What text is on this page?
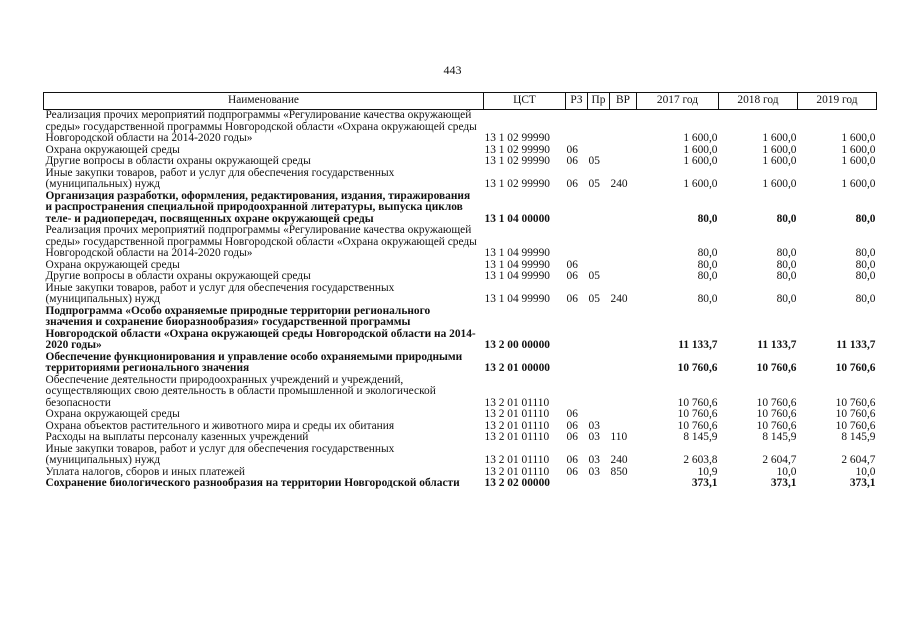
443
Наименование	ЦСТ	РЗ	Пр	ВР	2017 год	2018 год	2019 год
Реализация прочих мероприятий подпрограммы «Регулирование качества окружающей среды» государственной программы Новгородской области «Охрана окружающей среды Новгородской области на 2014-2020 годы»	13 1 02 99990				1 600,0	1 600,0	1 600,0
Охрана окружающей среды	13 1 02 99990	06			1 600,0	1 600,0	1 600,0
Другие вопросы в области охраны окружающей среды	13 1 02 99990	06	05		1 600,0	1 600,0	1 600,0
Иные закупки товаров, работ и услуг для обеспечения государственных (муниципальных) нужд	13 1 02 99990	06	05	240	1 600,0	1 600,0	1 600,0
Организация разработки, оформления, редактирования, издания, тиражирования и распространения специальной природоохранной литературы, выпуска циклов теле- и радиопередач, посвященных охране окружающей среды	13 1 04 00000				80,0	80,0	80,0
Реализация прочих мероприятий подпрограммы «Регулирование качества окружающей среды» государственной программы Новгородской области «Охрана окружающей среды Новгородской области на 2014-2020 годы»	13 1 04 99990				80,0	80,0	80,0
Охрана окружающей среды	13 1 04 99990	06			80,0	80,0	80,0
Другие вопросы в области охраны окружающей среды	13 1 04 99990	06	05		80,0	80,0	80,0
Иные закупки товаров, работ и услуг для обеспечения государственных (муниципальных) нужд	13 1 04 99990	06	05	240	80,0	80,0	80,0
Подпрограмма «Особо охраняемые природные территории регионального значения и сохранение биоразнообразия» государственной программы Новгородской области «Охрана окружающей среды Новгородской области на 2014-2020 годы»	13 2 00 00000				11 133,7	11 133,7	11 133,7
Обеспечение функционирования и управление особо охраняемыми природными территориями регионального значения	13 2 01 00000				10 760,6	10 760,6	10 760,6
Обеспечение деятельности природоохранных учреждений и учреждений, осуществляющих свою деятельность в области промышленной и экологической безопасности	13 2 01 01110				10 760,6	10 760,6	10 760,6
Охрана окружающей среды	13 2 01 01110	06			10 760,6	10 760,6	10 760,6
Охрана объектов растительного и животного мира и среды их обитания	13 2 01 01110	06	03		10 760,6	10 760,6	10 760,6
Расходы на выплаты персоналу казенных учреждений	13 2 01 01110	06	03	110	8 145,9	8 145,9	8 145,9
Иные закупки товаров, работ и услуг для обеспечения государственных (муниципальных) нужд	13 2 01 01110	06	03	240	2 603,8	2 604,7	2 604,7
Уплата налогов, сборов и иных платежей	13 2 01 01110	06	03	850	10,9	10,0	10,0
Сохранение биологического разнообразия на территории Новгородской области	13 2 02 00000				373,1	373,1	373,1
